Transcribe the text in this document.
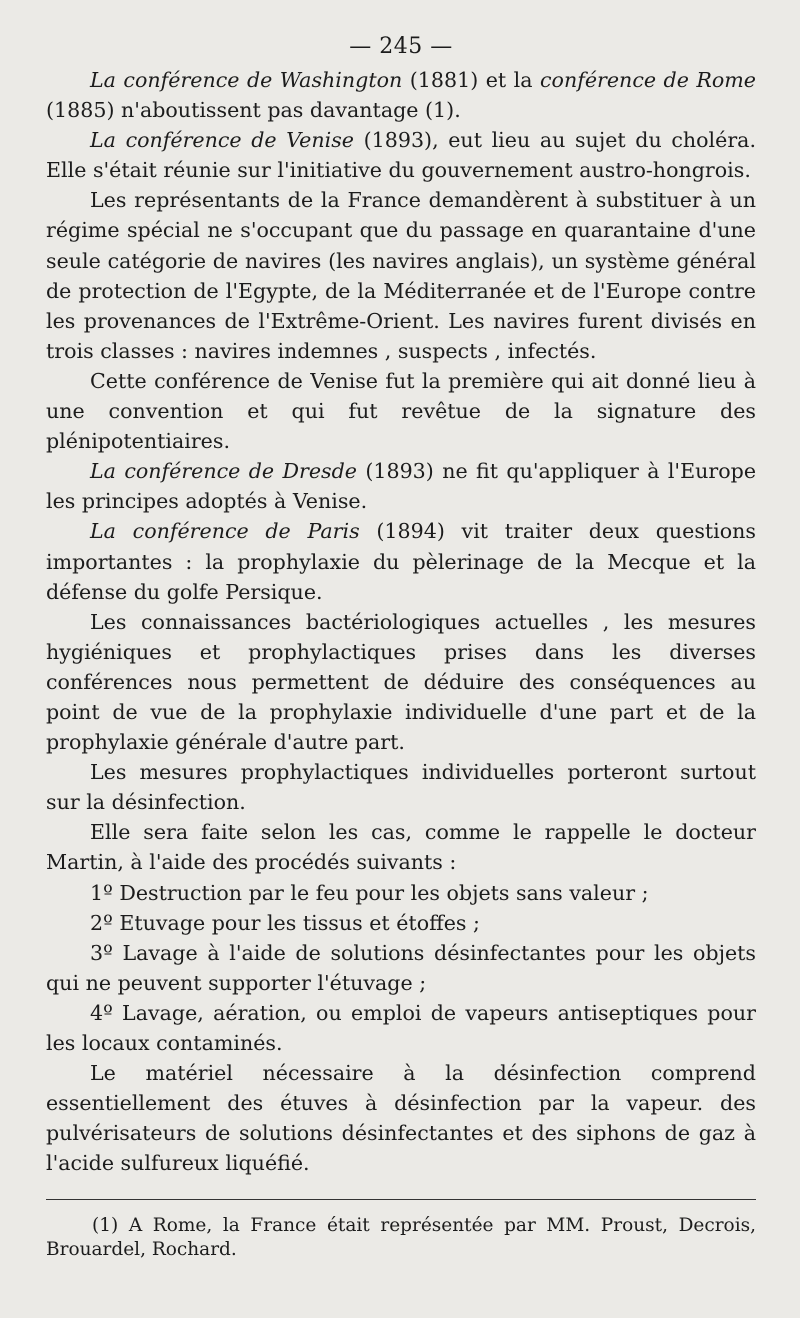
— 245 —

La conférence de Washington (1881) et la conférence de Rome (1885) n'aboutissent pas davantage (1).

La conférence de Venise (1893), eut lieu au sujet du choléra. Elle s'était réunie sur l'initiative du gouvernement austro-hongrois.

Les représentants de la France demandèrent à substituer à un régime spécial ne s'occupant que du passage en quarantaine d'une seule catégorie de navires (les navires anglais), un système général de protection de l'Egypte, de la Méditerranée et de l'Europe contre les provenances de l'Extrême-Orient. Les navires furent divisés en trois classes : navires indemnes , suspects , infectés.

Cette conférence de Venise fut la première qui ait donné lieu à une convention et qui fut revêtue de la signature des plénipotentiaires.

La conférence de Dresde (1893) ne fit qu'appliquer à l'Europe les principes adoptés à Venise.

La conférence de Paris (1894) vit traiter deux questions importantes : la prophylaxie du pèlerinage de la Mecque et la défense du golfe Persique.

Les connaissances bactériologiques actuelles , les mesures hygiéniques et prophylactiques prises dans les diverses conférences nous permettent de déduire des conséquences au point de vue de la prophylaxie individuelle d'une part et de la prophylaxie générale d'autre part.

Les mesures prophylactiques individuelles porteront surtout sur la désinfection.

Elle sera faite selon les cas, comme le rappelle le docteur Martin, à l'aide des procédés suivants :

1º Destruction par le feu pour les objets sans valeur ;

2º Etuvage pour les tissus et étoffes ;

3º Lavage à l'aide de solutions désinfectantes pour les objets qui ne peuvent supporter l'étuvage ;

4º Lavage, aération, ou emploi de vapeurs antiseptiques pour les locaux contaminés.

Le matériel nécessaire à la désinfection comprend essentiellement des étuves à désinfection par la vapeur. des pulvérisateurs de solutions désinfectantes et des siphons de gaz à l'acide sulfureux liquéfié.

(1) A Rome, la France était représentée par MM. Proust, Decrois, Brouardel, Rochard.
